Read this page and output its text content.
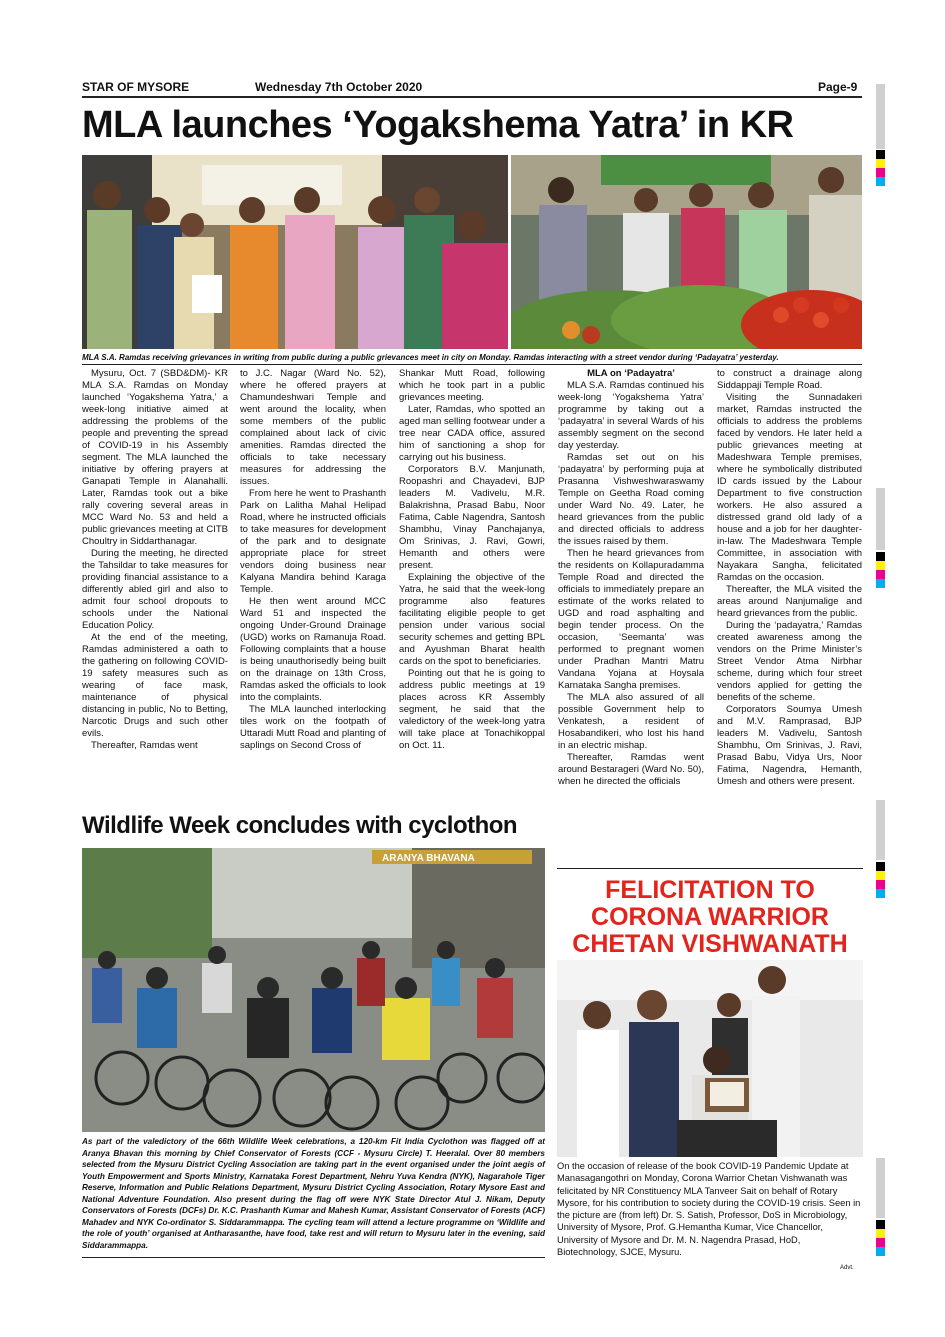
STAR OF MYSORE	Wednesday 7th October 2020	Page-9
MLA launches ‘Yogakshema Yatra’ in KR
MLA S.A. Ramdas receiving grievances in writing from public during a public grievances meet in city on Monday. Ramdas interacting with a street vendor during ‘Padayatra’ yesterday.

Mysuru, Oct. 7 (SBD&DM)- KR MLA S.A. Ramdas on Monday launched ‘Yogakshema Yatra,’ a week-long initiative aimed at addressing the problems of the people and preventing the spread of COVID-19 in his Assembly segment. The MLA launched the initiative by offering prayers at Ganapati Temple in Alanahalli. Later, Ramdas took out a bike rally covering several areas in MCC Ward No. 53 and held a public grievances meeting at CITB Choultry in Siddarthanagar.

During the meeting, he directed the Tahsildar to take measures for providing financial assistance to a differently abled girl and also to admit four school dropouts to schools under the National Education Policy.

At the end of the meeting, Ramdas administered a oath to the gathering on following COVID-19 safety measures such as wearing of face mask, maintenance of physical distancing in public, No to Betting, Narcotic Drugs and such other evils.

Thereafter, Ramdas went

to J.C. Nagar (Ward No. 52), where he offered prayers at Chamundeshwari Temple and went around the locality, when some members of the public complained about lack of civic amenities. Ramdas directed the officials to take necessary measures for addressing the issues.

From here he went to Prashanth Park on Lalitha Mahal Helipad Road, where he instructed officials to take measures for development of the park and to designate appropriate place for street vendors doing business near Kalyana Mandira behind Karaga Temple.

He then went around MCC Ward 51 and inspected the ongoing Under-Ground Drainage (UGD) works on Ramanuja Road. Following complaints that a house is being unauthorisedly being built on the drainage on 13th Cross, Ramdas asked the officials to look into the complaints.

The MLA launched interlocking tiles work on the footpath of Uttaradi Mutt Road and planting of saplings on Second Cross of

Shankar Mutt Road, following which he took part in a public grievances meeting.

Later, Ramdas, who spotted an aged man selling footwear under a tree near CADA office, assured him of sanctioning a shop for carrying out his business.

Corporators B.V. Manjunath, Roopashri and Chayadevi, BJP leaders M. Vadivelu, M.R. Balakrishna, Prasad Babu, Noor Fatima, Cable Nagendra, Santosh Shambhu, Vinay Panchajanya, Om Srinivas, J. Ravi, Gowri, Hemanth and others were present.

Explaining the objective of the Yatra, he said that the week-long programme also features facilitating eligible people to get pension under various social security schemes and getting BPL and Ayushman Bharat health cards on the spot to beneficiaries.

Pointing out that he is going to address public meetings at 19 places across KR Assembly segment, he said that the valedictory of the week-long yatra will take place at Tonachikoppal on Oct. 11.

MLA on ‘Padayatra’

MLA S.A. Ramdas continued his week-long ‘Yogakshema Yatra’ programme by taking out a ‘padayatra’ in several Wards of his assembly segment on the second day yesterday.

Ramdas set out on his ‘padayatra’ by performing puja at Prasanna Vishweshwaraswamy Temple on Geetha Road coming under Ward No. 49. Later, he heard grievances from the public and directed officials to address the issues raised by them.

Then he heard grievances from the residents on Kollapuradamma Temple Road and directed the officials to immediately prepare an estimate of the works related to UGD and road asphalting and begin tender process. On the occasion, ‘Seemanta’ was performed to pregnant women under Pradhan Mantri Matru Vandana Yojana at Hoysala Karnataka Sangha premises.

The MLA also assured of all possible Government help to Venkatesh, a resident of Hosabandikeri, who lost his hand in an electric mishap.

Thereafter, Ramdas went around Bestarageri (Ward No. 50), when he directed the officials

to construct a drainage along Siddappaji Temple Road.

Visiting the Sunnadakeri market, Ramdas instructed the officials to address the problems faced by vendors. He later held a public grievances meeting at Madeshwara Temple premises, where he symbolically distributed ID cards issued by the Labour Department to five construction workers. He also assured a distressed grand old lady of a house and a job for her daughter-in-law. The Madeshwara Temple Committee, in association with Nayakara Sangha, felicitated Ramdas on the occasion.

Thereafter, the MLA visited the areas around Nanjumalige and heard grievances from the public.

During the ‘padayatra,’ Ramdas created awareness among the vendors on the Prime Minister’s Street Vendor Atma Nirbhar scheme, during which four street vendors applied for getting the benefits of the scheme.

Corporators Soumya Umesh and M.V. Ramprasad, BJP leaders M. Vadivelu, Santosh Shambhu, Om Srinivas, J. Ravi, Prasad Babu, Vidya Urs, Noor Fatima, Nagendra, Hemanth, Umesh and others were present.

Wildlife Week concludes with cyclothon
ARANYA BHAVANA
As part of the valedictory of the 66th Wildlife Week celebrations, a 120-km Fit India Cyclothon was flagged off at Aranya Bhavan this morning by Chief Conservator of Forests (CCF - Mysuru Circle) T. Heeralal. Over 80 members selected from the Mysuru District Cycling Association are taking part in the event organised under the joint aegis of Youth Empowerment and Sports Ministry, Karnataka Forest Department, Nehru Yuva Kendra (NYK), Nagarahole Tiger Reserve, Information and Public Relations Department, Mysuru District Cycling Association, Rotary Mysore East and National Adventure Foundation. Also present during the flag off were NYK State Director Atul J. Nikam, Deputy Conservators of Forests (DCFs) Dr. K.C. Prashanth Kumar and Mahesh Kumar, Assistant Conservator of Forests (ACF) Mahadev and NYK Co-ordinator S. Siddarammappa. The cycling team will attend a lecture programme on ‘Wildlife and the role of youth’ organised at Antharasanthe, have food, take rest and will return to Mysuru later in the evening, said Siddarammappa.
FELICITATION TO
CORONA WARRIOR
CHETAN VISHWANATH
On the occasion of release of the book COVID-19 Pandemic Update at Manasagangothri on Monday, Corona Warrior Chetan Vishwanath was felicitated by NR Constituency MLA Tanveer Sait on behalf of Rotary Mysore, for his contribution to society during the COVID-19 crisis. Seen in the picture are (from left) Dr. S. Satish, Professor, DoS in Microbiology, University of Mysore, Prof. G.Hemantha Kumar, Vice Chancellor, University of Mysore and Dr. M. N. Nagendra Prasad, HoD, Biotechnology, SJCE, Mysuru.
Advt.
